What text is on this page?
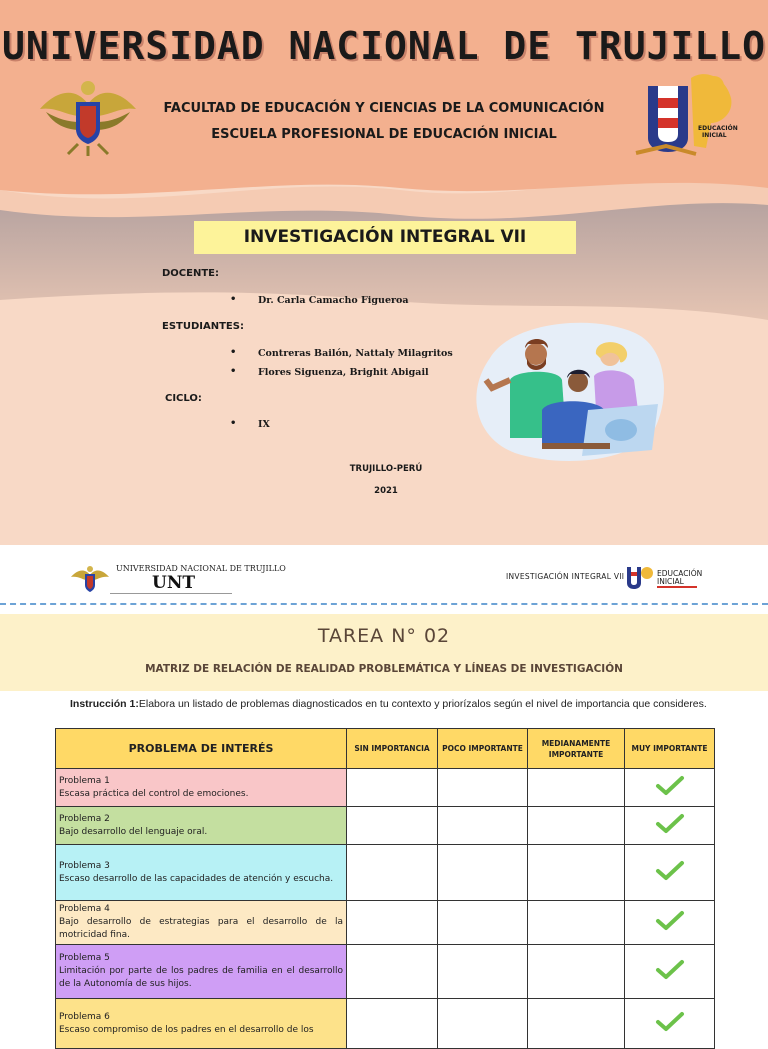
UNIVERSIDAD NACIONAL DE TRUJILLO
EDUCACIÓN
INICIAL
FACULTAD DE EDUCACIÓN Y CIENCIAS DE LA COMUNICACIÓN
ESCUELA PROFESIONAL DE EDUCACIÓN INICIAL
INVESTIGACIÓN INTEGRAL VII
DOCENTE:
• Dr. Carla Camacho Figueroa
ESTUDIANTES:
• Contreras Bailón, Nattaly Milagritos
• Flores Siguenza, Brighit Abigail
CICLO:
• IX
TRUJILLO-PERÚ
2021
UNIVERSIDAD NACIONAL DE TRUJILLO
UNT	INVESTIGACIÓN INTEGRAL VII	EDUCACIÓN
INICIAL
TAREA N° 02
MATRIZ DE RELACIÓN DE REALIDAD PROBLEMÁTICA Y LÍNEAS DE INVESTIGACIÓN
Instrucción 1:Elabora un listado de problemas diagnosticados en tu contexto y priorízalos según el nivel de importancia que consideres.
PROBLEMA DE INTERÉS	SIN IMPORTANCIA	POCO IMPORTANTE	MEDIANAMENTE IMPORTANTE	MUY IMPORTANTE

Problema 1
Escasa práctica del control de emociones.

Problema 2
Bajo desarrollo del lenguaje oral.

Problema 3
Escaso desarrollo de las capacidades de atención y escucha.

Problema 4
Bajo desarrollo de estrategias para el desarrollo de la motricidad fina.

Problema 5
Limitación por parte de los padres de familia en el desarrollo de la Autonomía de sus hijos.

Problema 6
Escaso compromiso de los padres en el desarrollo de los
